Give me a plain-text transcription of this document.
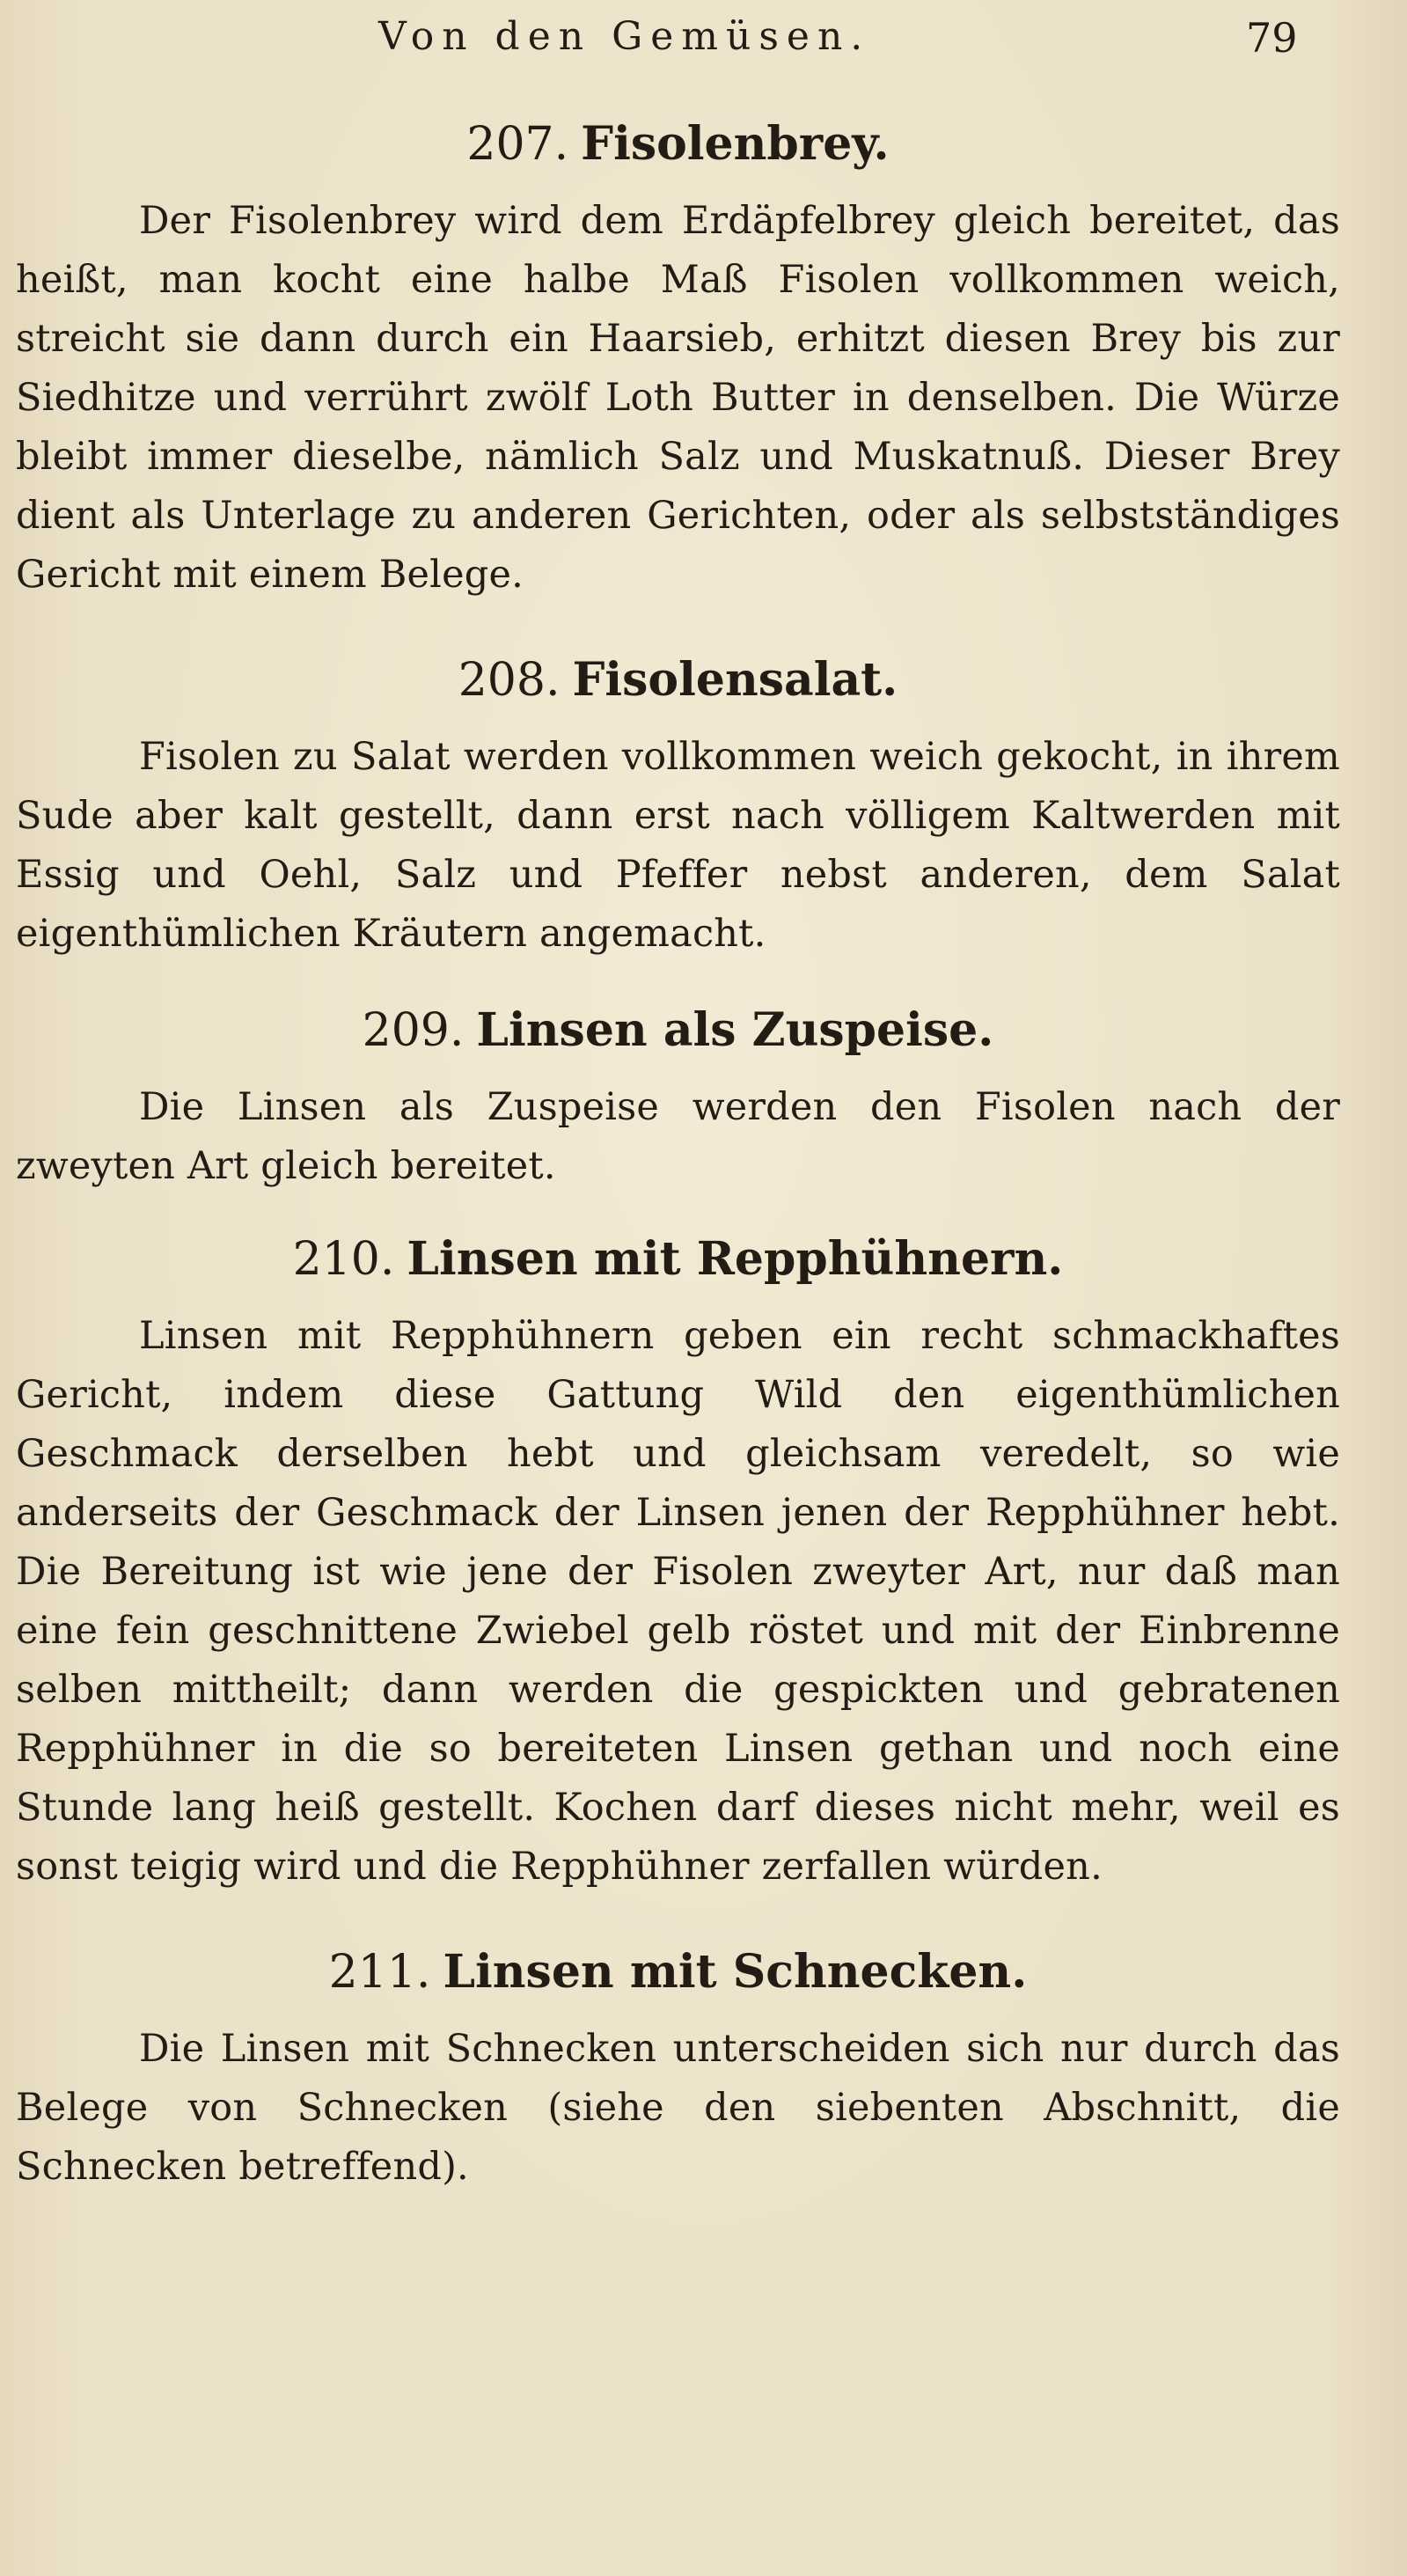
Von den Gemüsen.	79
207. Fisolenbrey.

Der Fisolenbrey wird dem Erdäpfelbrey gleich bereitet, das heißt, man kocht eine halbe Maß Fisolen vollkommen weich, streicht sie dann durch ein Haarsieb, erhitzt diesen Brey bis zur Siedhitze und verrührt zwölf Loth Butter in denselben. Die Würze bleibt immer dieselbe, nämlich Salz und Muskatnuß. Dieser Brey dient als Unterlage zu anderen Gerichten, oder als selbstständiges Gericht mit einem Belege.

208. Fisolensalat.

Fisolen zu Salat werden vollkommen weich gekocht, in ihrem Sude aber kalt gestellt, dann erst nach völligem Kaltwerden mit Essig und Oehl, Salz und Pfeffer nebst anderen, dem Salat eigenthümlichen Kräutern angemacht.

209. Linsen als Zuspeise.

Die Linsen als Zuspeise werden den Fisolen nach der zweyten Art gleich bereitet.

210. Linsen mit Repphühnern.

Linsen mit Repphühnern geben ein recht schmackhaftes Gericht, indem diese Gattung Wild den eigenthümlichen Geschmack derselben hebt und gleichsam veredelt, so wie anderseits der Geschmack der Linsen jenen der Repphühner hebt. Die Bereitung ist wie jene der Fisolen zweyter Art, nur daß man eine fein geschnittene Zwiebel gelb röstet und mit der Einbrenne selben mittheilt; dann werden die gespickten und gebratenen Repphühner in die so bereiteten Linsen gethan und noch eine Stunde lang heiß gestellt. Kochen darf dieses nicht mehr, weil es sonst teigig wird und die Repphühner zerfallen würden.

211. Linsen mit Schnecken.

Die Linsen mit Schnecken unterscheiden sich nur durch das Belege von Schnecken (siehe den siebenten Abschnitt, die Schnecken betreffend).
